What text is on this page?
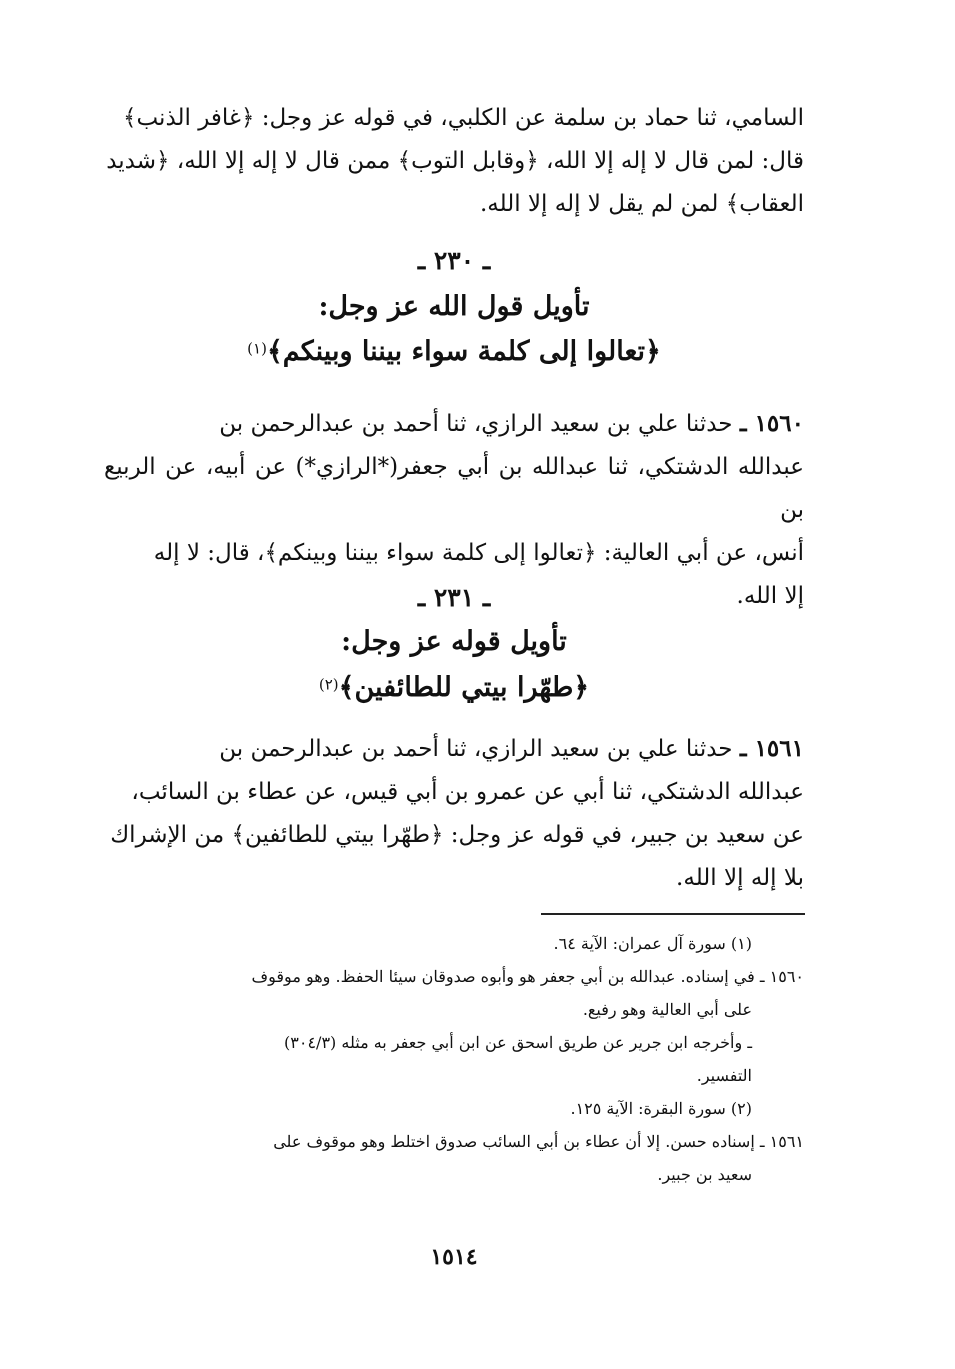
السامي، ثنا حماد بن سلمة عن الكلبي، في قوله عز وجل: ﴿غافر الذنب﴾

قال: لمن قال لا إله إلا الله، ﴿وقابل التوب﴾ ممن قال لا إله إلا الله، ﴿شديد

العقاب﴾ لمن لم يقل لا إله إلا الله.

ـ ٢٣٠ ـ
تأويل قول الله عز وجل:
﴿تعالوا إلى كلمة سواء بيننا وبينكم﴾(١)

١٥٦٠ ـ حدثنا علي بن سعيد الرازي، ثنا أحمد بن عبدالرحمن بن

عبدالله الدشتكي، ثنا عبدالله بن أبي جعفر(*الرازي*) عن أبيه، عن الربيع بن

أنس، عن أبي العالية: ﴿تعالوا إلى كلمة سواء بيننا وبينكم﴾، قال: لا إله

إلا الله.

ـ ٢٣١ ـ
تأويل قوله عز وجل:
﴿طهّرا بيتي للطائفين﴾(٢)

١٥٦١ ـ حدثنا علي بن سعيد الرازي، ثنا أحمد بن عبدالرحمن بن

عبدالله الدشتكي، ثنا أبي عن عمرو بن أبي قيس، عن عطاء بن السائب،

عن سعيد بن جبير، في قوله عز وجل: ﴿طهّرا بيتي للطائفين﴾ من الإشراك

بلا إله إلا الله.

(١) سورة آل عمران: الآية ٦٤.
١٥٦٠ ـ في إسناده. عبدالله بن أبي جعفر هو وأبوه صدوقان سيئا الحفظ. وهو موقوف
على أبي العالية وهو رفيع.
ـ وأخرجه ابن جرير عن طريق اسحق عن ابن أبي جعفر به مثله (٣٠٤/٣)
التفسير.
(٢) سورة البقرة: الآية ١٢٥.
١٥٦١ ـ إسناده حسن. إلا أن عطاء بن أبي السائب صدوق اختلط وهو موقوف على
سعيد بن جبير.
١٥١٤
